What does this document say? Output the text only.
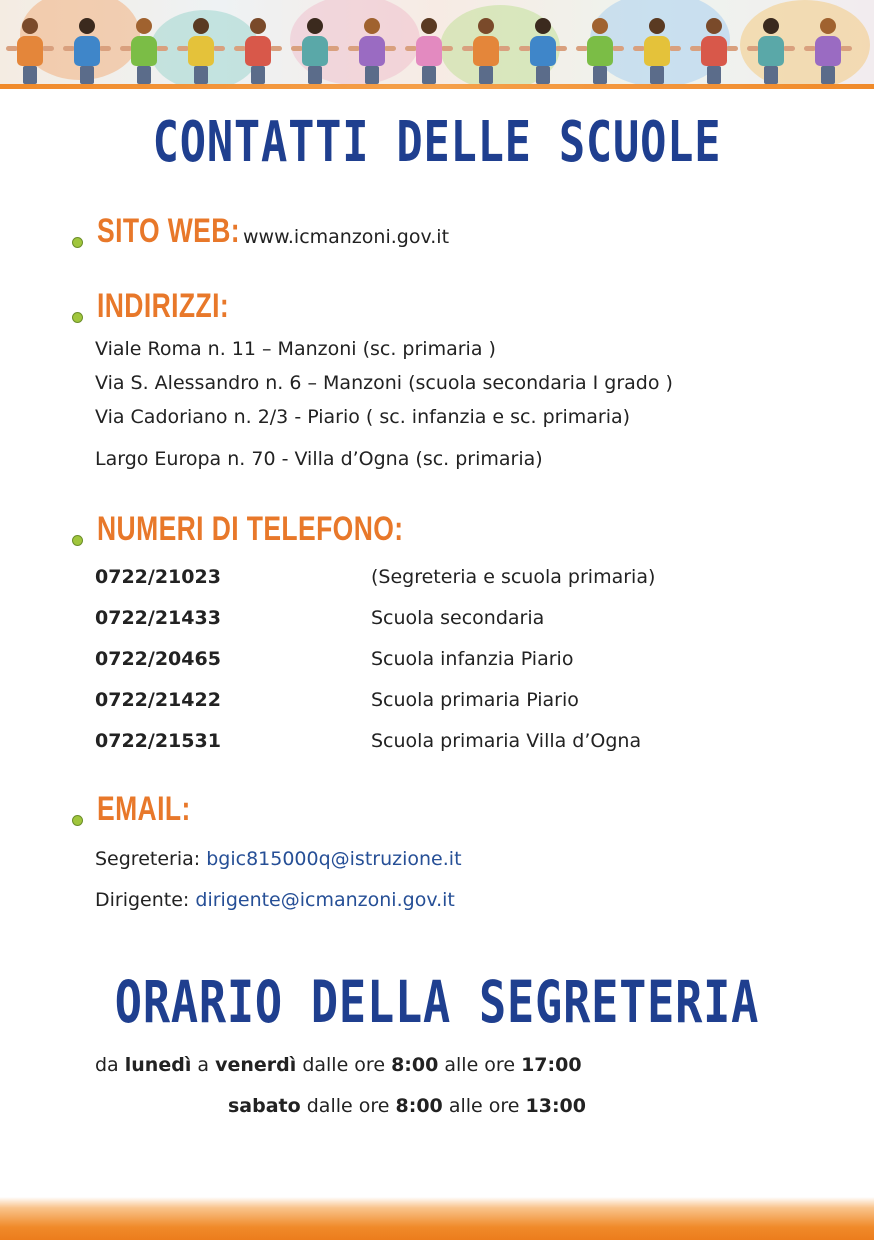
CONTATTI DELLE SCUOLE
SITO WEB: www.icmanzoni.gov.it
INDIRIZZI:
Viale Roma n. 11 – Manzoni (sc. primaria )
Via S. Alessandro n. 6 – Manzoni (scuola secondaria I grado )
Via Cadoriano n. 2/3 - Piario ( sc. infanzia e sc. primaria)
Largo Europa n. 70 - Villa d’Ogna (sc. primaria)
NUMERI DI TELEFONO:
0722/21023	(Segreteria e scuola primaria)
0722/21433	Scuola secondaria
0722/20465	Scuola infanzia Piario
0722/21422	Scuola primaria Piario
0722/21531	Scuola primaria Villa d’Ogna
EMAIL:
Segreteria: bgic815000q@istruzione.it
Dirigente: dirigente@icmanzoni.gov.it
ORARIO DELLA SEGRETERIA
da lunedì a venerdì dalle ore 8:00 alle ore 17:00
sabato dalle ore 8:00 alle ore 13:00
